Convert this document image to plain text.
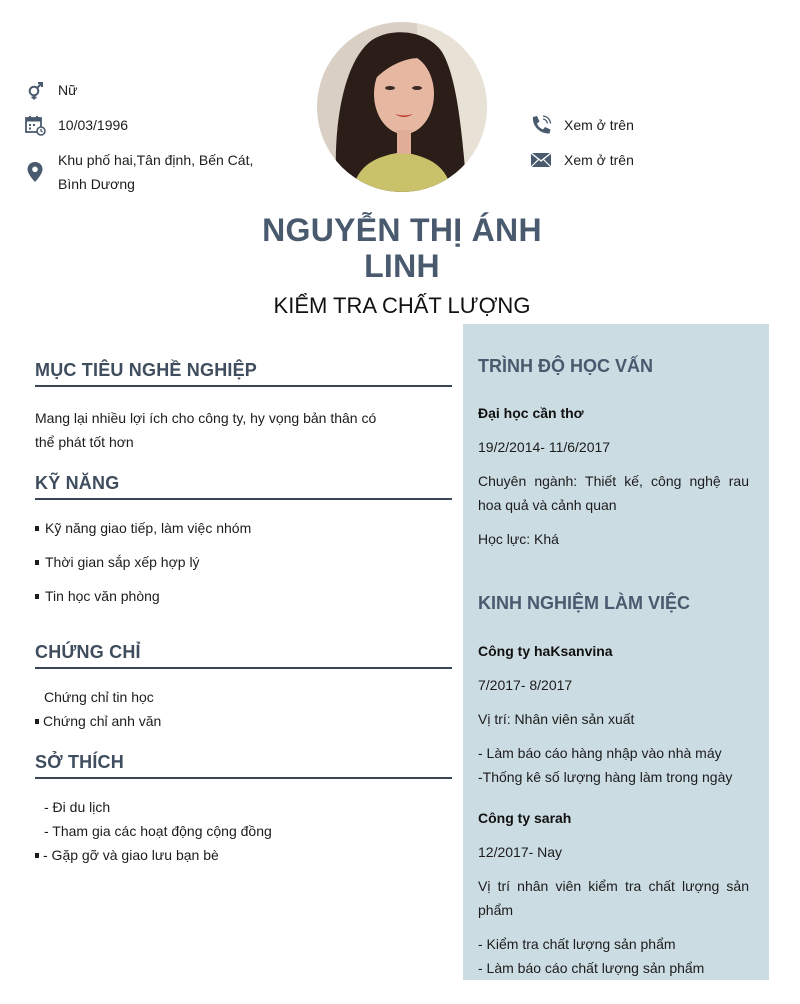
Nữ
10/03/1996
Khu phố hai,Tân định, Bến Cát, Bình Dương
Xem ở trên
Xem ở trên
NGUYỄN THỊ ÁNH LINH
KIỂM TRA CHẤT LƯỢNG
MỤC TIÊU NGHỀ NGHIỆP
Mang lại nhiều lợi ích cho công ty, hy vọng bản thân có thể phát tốt hơn
KỸ NĂNG
Kỹ năng giao tiếp, làm việc nhóm
Thời gian sắp xếp hợp lý
Tin học văn phòng
CHỨNG CHỈ
Chứng chỉ tin học
Chứng chỉ anh văn
SỞ THÍCH
- Đi du lịch
- Tham gia các hoạt động cộng đồng
- Gặp gỡ và giao lưu bạn bè
TRÌNH ĐỘ HỌC VẤN
Đại học cần thơ
19/2/2014- 11/6/2017
Chuyên ngành: Thiết kế, công nghệ rau hoa quả và cảnh quan
Học lực: Khá
KINH NGHIỆM LÀM VIỆC
Công ty haKsanvina
7/2017- 8/2017
Vị trí: Nhân viên sản xuất
- Làm báo cáo hàng nhập vào nhà máy
-Thống kê số lượng hàng làm trong ngày
Công ty sarah
12/2017- Nay
Vị trí nhân viên kiểm tra chất lượng sản phẩm
- Kiểm tra chất lượng sản phẩm
- Làm báo cáo chất lượng sản phẩm
